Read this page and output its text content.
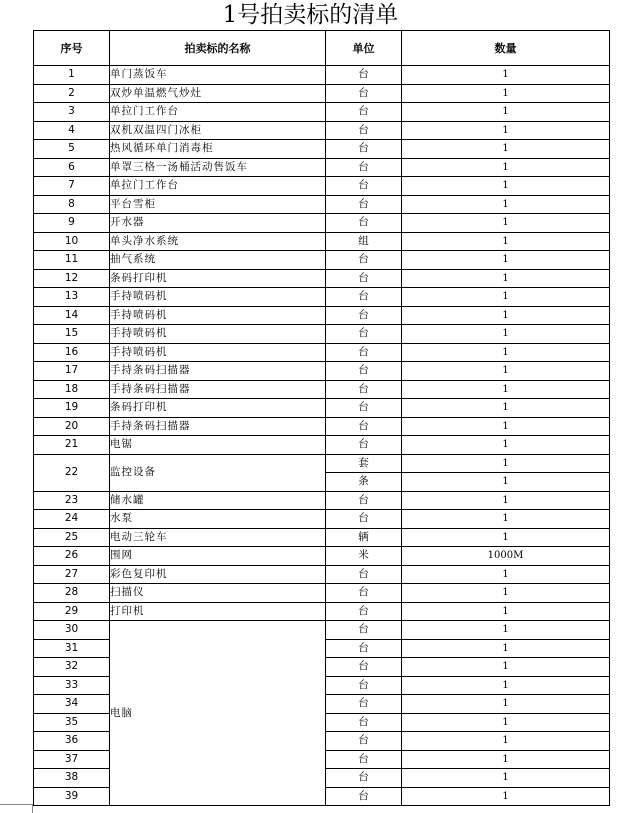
1号拍卖标的清单
序号	拍卖标的名称	单位	数量
1	单门蒸饭车	台	1
2	双炒单温燃气炒灶	台	1
3	单拉门工作台	台	1
4	双机双温四门冰柜	台	1
5	热风循环单门消毒柜	台	1
6	单罩三格一汤桶活动售饭车	台	1
7	单拉门工作台	台	1
8	平台雪柜	台	1
9	开水器	台	1
10	单头净水系统	组	1
11	抽气系统	台	1
12	条码打印机	台	1
13	手持喷码机	台	1
14	手持喷码机	台	1
15	手持喷码机	台	1
16	手持喷码机	台	1
17	手持条码扫描器	台	1
18	手持条码扫描器	台	1
19	条码打印机	台	1
20	手持条码扫描器	台	1
21	电锯	台	1
22	监控设备	套	1
		条	1
23	储水罐	台	1
24	水泵	台	1
25	电动三轮车	辆	1
26	围网	米	1000M
27	彩色复印机	台	1
28	扫描仪	台	1
29	打印机	台	1
30	电脑	台	1
31		台	1
32		台	1
33		台	1
34		台	1
35		台	1
36		台	1
37		台	1
38		台	1
39		台	1
